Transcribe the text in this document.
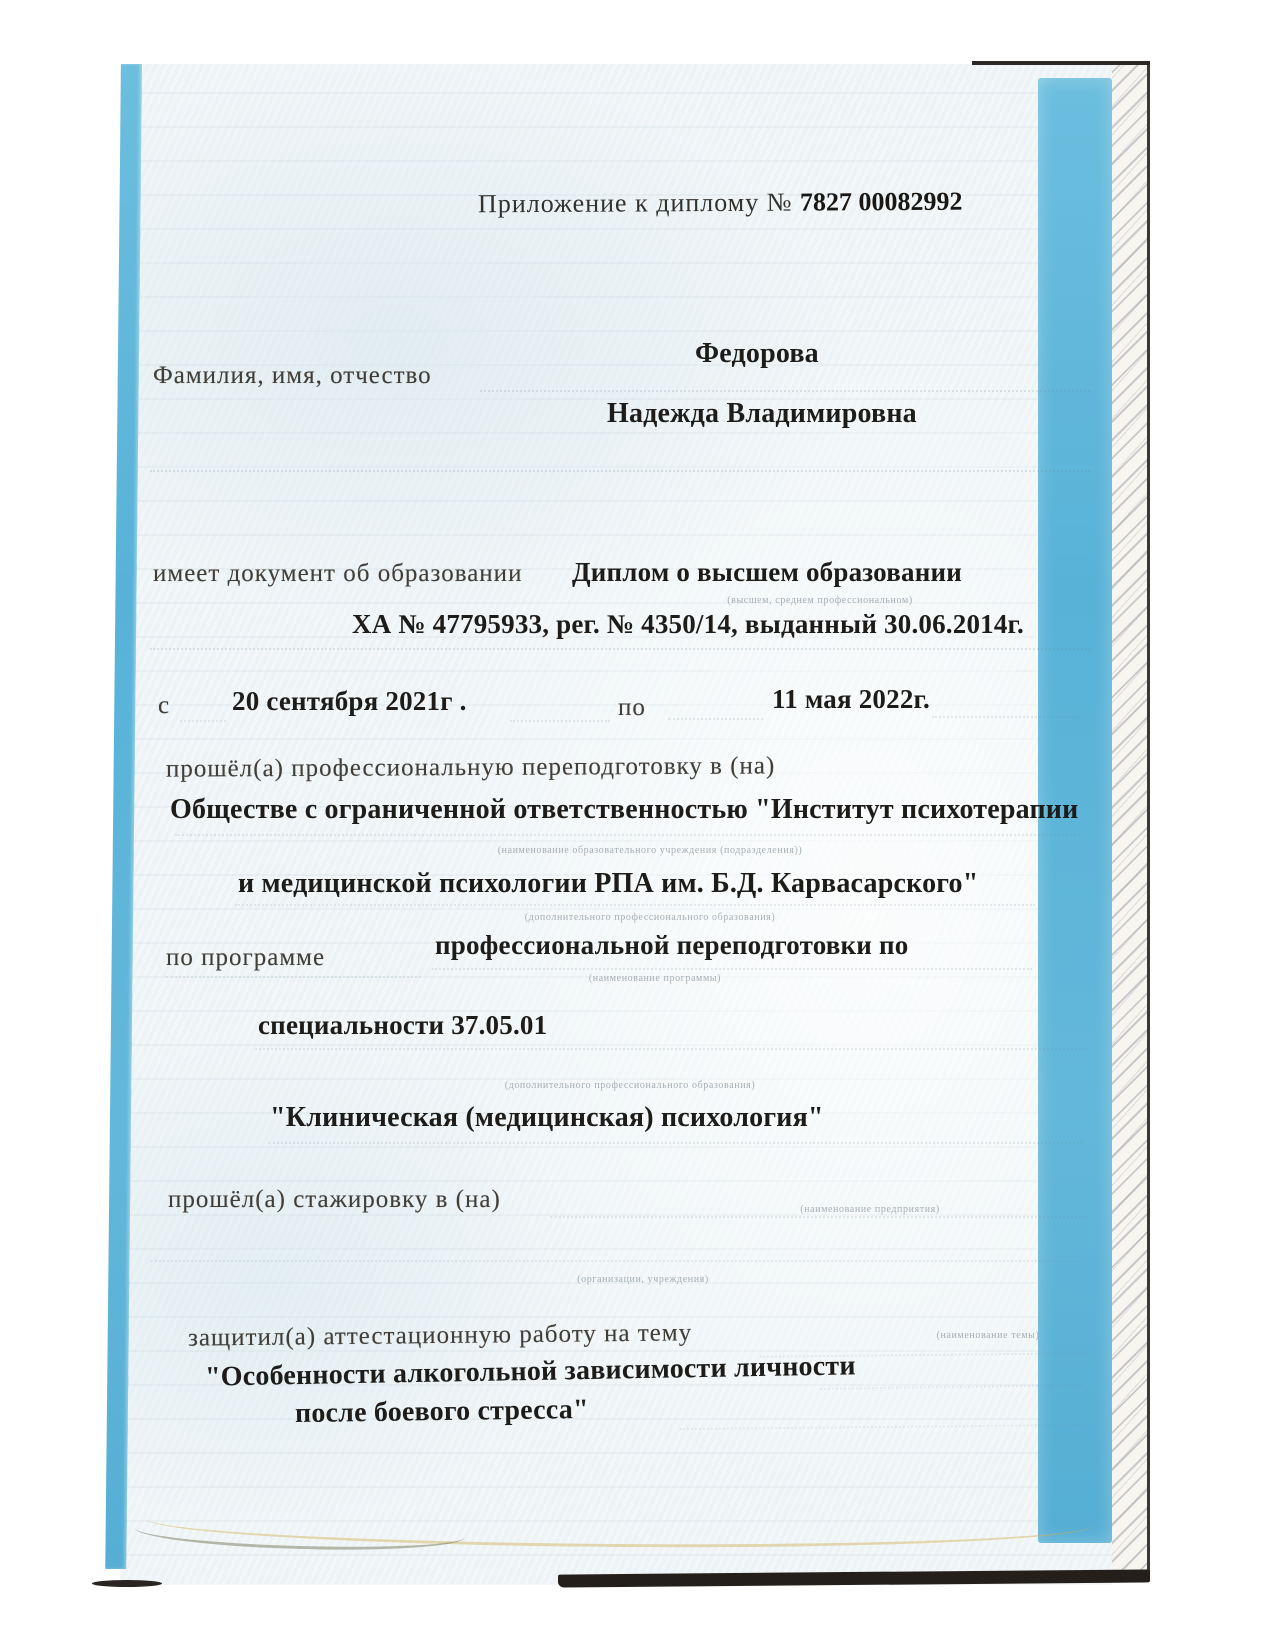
Приложение к диплому № 7827 00082992
Федорова
Фамилия, имя, отчество
Надежда Владимировна
имеет документ об образовании Диплом о высшем образовании
(высшем, среднем профессиональном)
ХА № 47795933, рег. № 4350/14, выданный 30.06.2014г.
с 20 сентября 2021г .	по	11 мая 2022г.
прошёл(а) профессиональную переподготовку в (на)
Обществе с ограниченной ответственностью "Институт психотерапии
(наименование образовательного учреждения (подразделения))
и медицинской психологии РПА им. Б.Д. Карвасарского"
(дополнительного профессионального образования)
профессиональной переподготовки по
по программе
(наименование программы)
специальности 37.05.01
(дополнительного профессионального образования)
"Клиническая (медицинская) психология"
прошёл(а) стажировку в (на)	(наименование предприятия)
(организации, учреждения)
защитил(а) аттестационную работу на тему	(наименование темы)
"Особенности алкогольной зависимости личности
после боевого стресса"
